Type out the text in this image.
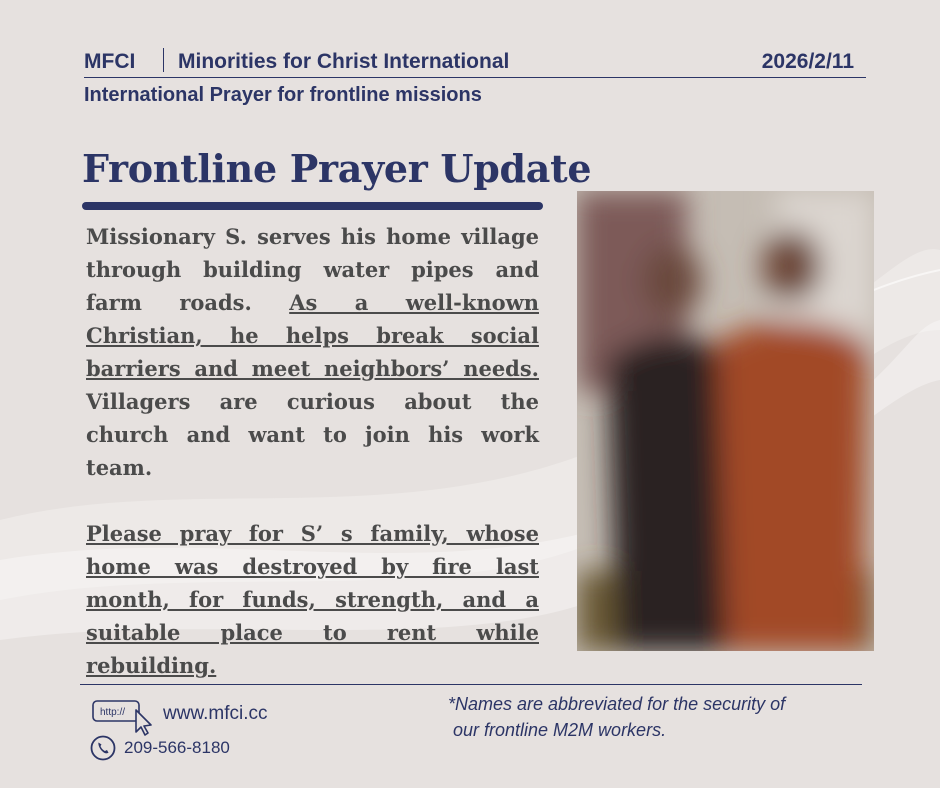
MFCI Minorities for Christ International	2026/2/11
International Prayer for frontline missions
Frontline Prayer Update

Missionary S. serves his home village through building water pipes and farm roads. As a well-known Christian, he helps break social barriers and meet neighbors’ needs. Villagers are curious about the church and want to join his work team.

Please pray for S’ s family, whose home was destroyed by fire last month, for funds, strength, and a suitable place to rent while rebuilding.

http:// www.mfci.cc
209-566-8180
*Names are abbreviated for the security of
our frontline M2M workers.
